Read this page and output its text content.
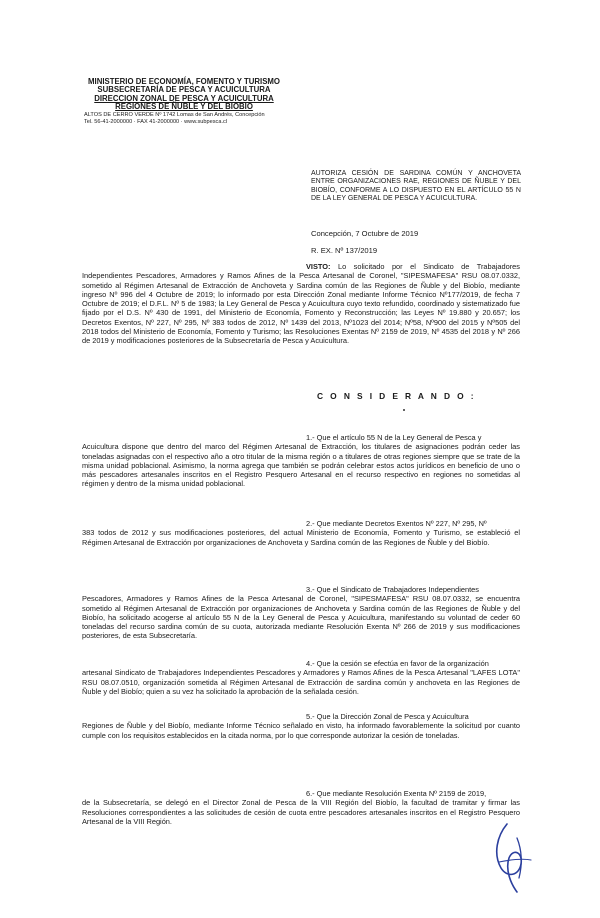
MINISTERIO DE ECONOMÍA, FOMENTO Y TURISMO
SUBSECRETARÍA DE PESCA Y ACUICULTURA
DIRECCION ZONAL DE PESCA Y ACUICULTURA
REGIONES DE ÑUBLE Y DEL BIOBIO
ALTOS DE CERRO VERDE Nº 1742 Lomas de San Andrés, Concepción
Tel. 56-41-2000000 · FAX 41-2000000 · www.subpesca.cl
AUTORIZA CESIÓN DE SARDINA COMÚN Y ANCHOVETA ENTRE ORGANIZACIONES RAE, REGIONES DE ÑUBLE Y DEL BIOBÍO, CONFORME A LO DISPUESTO EN EL ARTÍCULO 55 N DE LA LEY GENERAL DE PESCA Y ACUICULTURA.
Concepción, 7 Octubre de 2019
R. EX. Nº 137/2019
VISTO: Lo solicitado por el Sindicato de Trabajadores Independientes Pescadores, Armadores y Ramos Afines de la Pesca Artesanal de Coronel, "SIPESMAFESA" RSU 08.07.0332, sometido al Régimen Artesanal de Extracción de Anchoveta y Sardina común de las Regiones de Ñuble y del Biobío, mediante ingreso Nº 996 del 4 Octubre de 2019; lo informado por esta Dirección Zonal mediante Informe Técnico Nº177/2019, de fecha 7 Octubre de 2019; el D.F.L. Nº 5 de 1983; la Ley General de Pesca y Acuicultura cuyo texto refundido, coordinado y sistematizado fue fijado por el D.S. Nº 430 de 1991, del Ministerio de Economía, Fomento y Reconstrucción; las Leyes Nº 19.880 y 20.657; los Decretos Exentos, Nº 227, Nº 295, Nº 383 todos de 2012, Nº 1439 del 2013, Nº1023 del 2014; Nº58, Nº900 del 2015 y Nº505 del 2018 todos del Ministerio de Economía, Fomento y Turismo; las Resoluciones Exentas Nº 2159 de 2019, Nº 4535 del 2018 y Nº 266 de 2019 y modificaciones posteriores de la Subsecretaría de Pesca y Acuicultura.
C O N S I D E R A N D O :
1.- Que el artículo 55 N de la Ley General de Pesca y
Acuicultura dispone que dentro del marco del Régimen Artesanal de Extracción, los titulares de asignaciones podrán ceder las toneladas asignadas con el respectivo año a otro titular de la misma región o a titulares de otras regiones siempre que se trate de la misma unidad poblacional. Asimismo, la norma agrega que también se podrán celebrar estos actos jurídicos en beneficio de uno o más pescadores artesanales inscritos en el Registro Pesquero Artesanal en el recurso respectivo en regiones no sometidas al régimen y dentro de la misma unidad poblacional.
2.- Que mediante Decretos Exentos Nº 227, Nº 295, Nº
383 todos de 2012 y sus modificaciones posteriores, del actual Ministerio de Economía, Fomento y Turismo, se estableció el Régimen Artesanal de Extracción por organizaciones de Anchoveta y Sardina común de las Regiones de Ñuble y del Biobío.
3.- Que el Sindicato de Trabajadores Independientes
Pescadores, Armadores y Ramos Afines de la Pesca Artesanal de Coronel, "SIPESMAFESA" RSU 08.07.0332, se encuentra sometido al Régimen Artesanal de Extracción por organizaciones de Anchoveta y Sardina común de las Regiones de Ñuble y del Biobío, ha solicitado acogerse al artículo 55 N de la Ley General de Pesca y Acuicultura, manifestando su voluntad de ceder 60 toneladas del recurso sardina común de su cuota, autorizada mediante Resolución Exenta Nº 266 de 2019 y sus modificaciones posteriores, de esta Subsecretaría.
4.- Que la cesión se efectúa en favor de la organización
artesanal Sindicato de Trabajadores Independientes Pescadores y Armadores y Ramos Afines de la Pesca Artesanal "LAFES LOTA" RSU 08.07.0510, organización sometida al Régimen Artesanal de Extracción de sardina común y anchoveta en las Regiones de Ñuble y del Biobío; quien a su vez ha solicitado la aprobación de la señalada cesión.
5.- Que la Dirección Zonal de Pesca y Acuicultura
Regiones de Ñuble y del Biobío, mediante Informe Técnico señalado en visto, ha informado favorablemente la solicitud por cuanto cumple con los requisitos establecidos en la citada norma, por lo que corresponde autorizar la cesión de toneladas.
6.- Que mediante Resolución Exenta Nº 2159 de 2019,
de la Subsecretaría, se delegó en el Director Zonal de Pesca de la VIII Región del Biobío, la facultad de tramitar y firmar las Resoluciones correspondientes a las solicitudes de cesión de cuota entre pescadores artesanales inscritos en el Registro Pesquero Artesanal de la VIII Región.
